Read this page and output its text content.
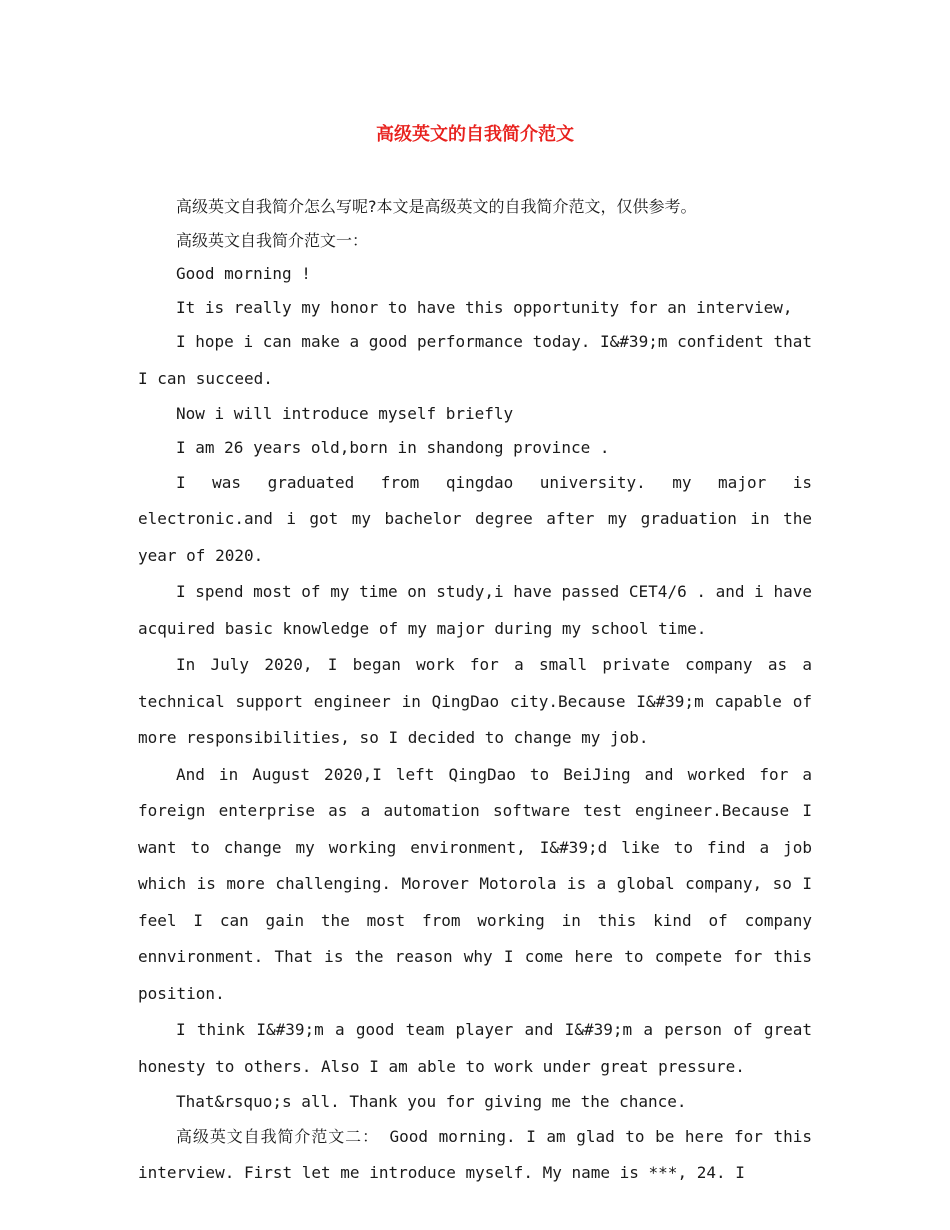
高级英文的自我简介范文

高级英文自我简介怎么写呢?本文是高级英文的自我简介范文，仅供参考。

高级英文自我简介范文一：

Good morning !

It is really my honor to have this opportunity for an interview,

I hope i can make a good performance today. I&#39;m confident that I can succeed.

Now i will introduce myself briefly

I am 26 years old,born in shandong province .

I was graduated from qingdao university. my major is electronic.and i got my bachelor degree after my graduation in the year of 2020.

I spend most of my time on study,i have passed CET4/6 . and i have acquired basic knowledge of my major during my school time.

In July 2020, I began work for a small private company as a technical support engineer in QingDao city.Because I&#39;m capable of more responsibilities, so I decided to change my job.

And in August 2020,I left QingDao to BeiJing and worked for a foreign enterprise as a automation software test engineer.Because I want to change my working environment, I&#39;d like to find a job which is more challenging. Morover Motorola is a global company, so I feel I can gain the most from working in this kind of company ennvironment. That is the reason why I come here to compete for this position.

I think I&#39;m a good team player and I&#39;m a person of great honesty to others. Also I am able to work under great pressure.

That&rsquo;s all. Thank you for giving me the chance.

高级英文自我简介范文二： Good morning. I am glad to be here for this interview. First let me introduce myself. My name is ***, 24. I
